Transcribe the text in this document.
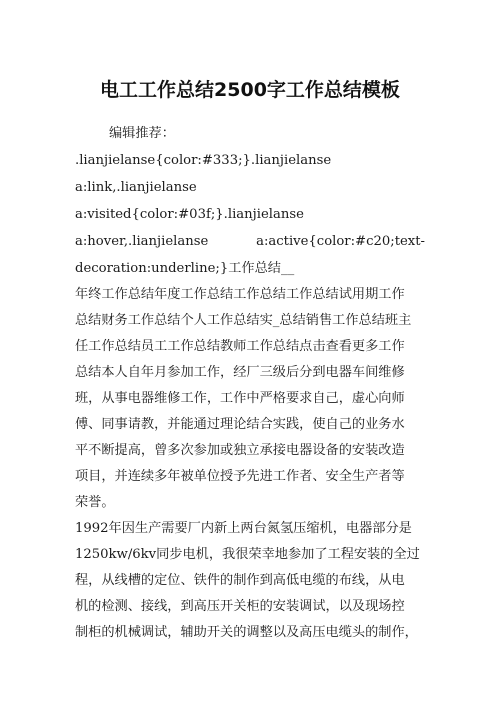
电工工作总结2500字工作总结模板
编辑推荐：
.lianjielanse{color:#333;}.lianjielanse
a:link,.lianjielanse
a:visited{color:#03f;}.lianjielanse
a:hover,.lianjielanse	a:active{color:#c20;text-
decoration:underline;}工作总结__
年终工作总结年度工作总结工作总结工作总结试用期工作
总结财务工作总结个人工作总结实_总结销售工作总结班主
任工作总结员工工作总结教师工作总结点击查看更多工作
总结本人自年月参加工作，经厂三级后分到电器车间维修
班，从事电器维修工作，工作中严格要求自己，虚心向师
傅、同事请教，并能通过理论结合实践，使自己的业务水
平不断提高，曾多次参加或独立承接电器设备的安装改造
项目，并连续多年被单位授予先进工作者、安全生产者等
荣誉。
1992年因生产需要厂内新上两台氮氢压缩机，电器部分是
1250kw/6kv同步电机，我很荣幸地参加了工程安装的全过
程，从线槽的定位、铁件的制作到高低电缆的布线，从电
机的检测、接线，到高压开关柜的安装调试，以及现场控
制柜的机械调试，辅助开关的调整以及高压电缆头的制作，
